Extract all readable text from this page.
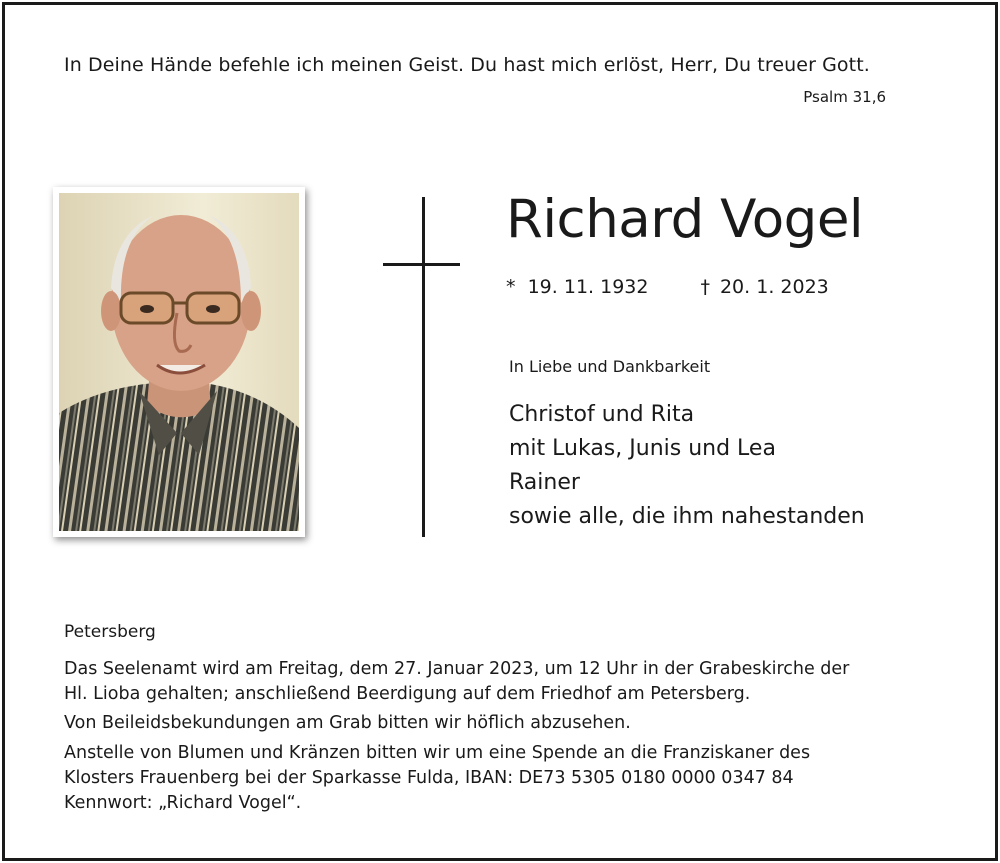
In Deine Hände befehle ich meinen Geist. Du hast mich erlöst, Herr, Du treuer Gott.
Psalm 31,6
Richard Vogel
* 19. 11. 1932	† 20. 1. 2023
In Liebe und Dankbarkeit
Christof und Rita
mit Lukas, Junis und Lea
Rainer
sowie alle, die ihm nahestanden
Petersberg
Das Seelenamt wird am Freitag, dem 27. Januar 2023, um 12 Uhr in der Grabeskirche der
Hl. Lioba gehalten; anschließend Beerdigung auf dem Friedhof am Petersberg.
Von Beileidsbekundungen am Grab bitten wir höflich abzusehen.
Anstelle von Blumen und Kränzen bitten wir um eine Spende an die Franziskaner des
Klosters Frauenberg bei der Sparkasse Fulda, IBAN: DE73 5305 0180 0000 0347 84
Kennwort: „Richard Vogel“.
